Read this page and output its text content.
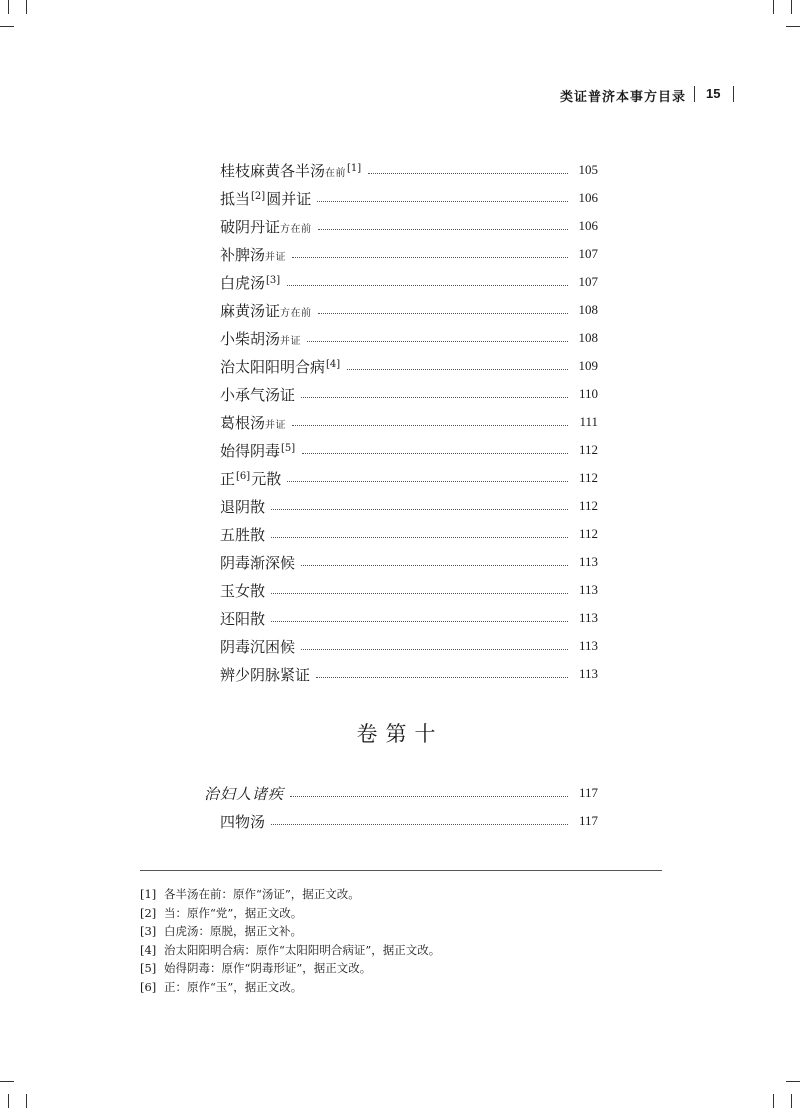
类证普济本事方目录 15
桂枝麻黄各半汤在前[1]	105
抵当[2]圆并证	106
破阴丹证方在前	106
补脾汤并证	107
白虎汤[3]	107
麻黄汤证方在前	108
小柴胡汤并证	108
治太阳阳明合病[4]	109
小承气汤证	110
葛根汤并证	111
始得阴毒[5]	112
正[6]元散	112
退阴散	112
五胜散	112
阴毒渐深候	113
玉女散	113
还阳散	113
阴毒沉困候	113
辨少阴脉紧证	113
卷第十
治妇人诸疾	117
四物汤	117
[1] 各半汤在前：原作“汤证”，据正文改。
[2] 当：原作“党”，据正文改。
[3] 白虎汤：原脱，据正文补。
[4] 治太阳阳明合病：原作“太阳阳明合病证”，据正文改。
[5] 始得阴毒：原作“阴毒形证”，据正文改。
[6] 正：原作“玉”，据正文改。
